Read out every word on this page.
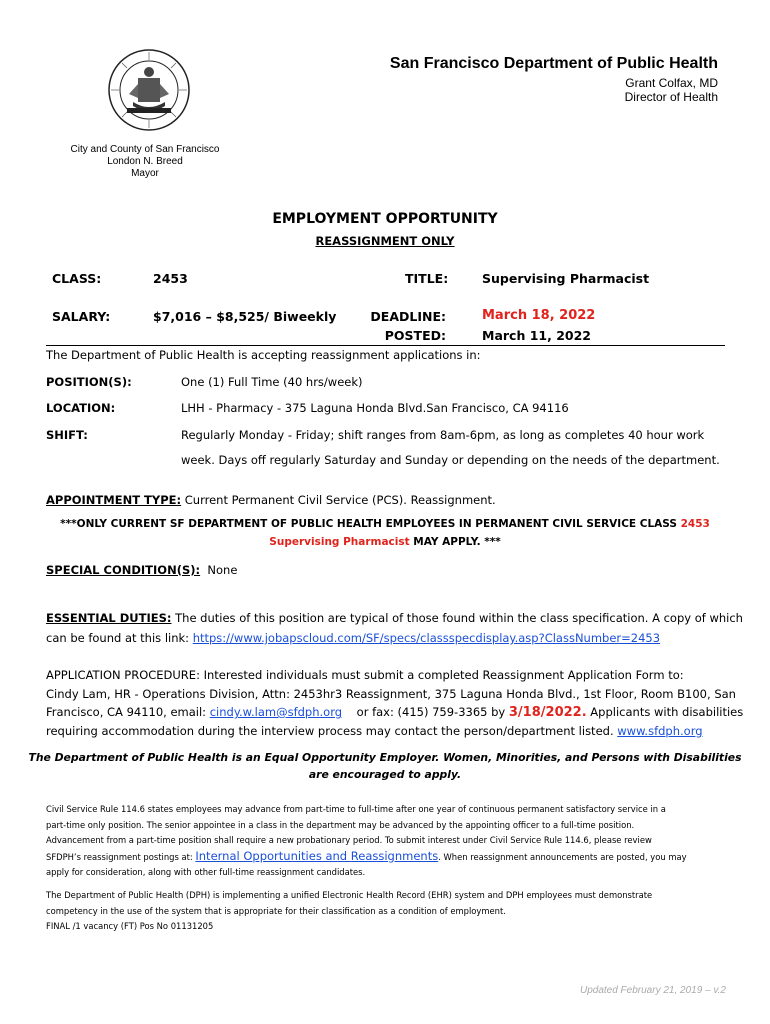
San Francisco Department of Public Health
Grant Colfax, MD
Director of Health
City and County of San Francisco
London N. Breed
Mayor
EMPLOYMENT OPPORTUNITY
REASSIGNMENT ONLY
CLASS:	2453	TITLE:	Supervising Pharmacist
SALARY:	$7,016 – $8,525/ Biweekly	DEADLINE:	March 18, 2022
POSTED:	March 11, 2022
The Department of Public Health is accepting reassignment applications in:
POSITION(S):	One (1) Full Time (40 hrs/week)
LOCATION:	LHH - Pharmacy - 375 Laguna Honda Blvd.San Francisco, CA 94116
SHIFT:	Regularly Monday - Friday; shift ranges from 8am-6pm, as long as completes 40 hour work
week. Days off regularly Saturday and Sunday or depending on the needs of the department.
APPOINTMENT TYPE: Current Permanent Civil Service (PCS). Reassignment.
***ONLY CURRENT SF DEPARTMENT OF PUBLIC HEALTH EMPLOYEES IN PERMANENT CIVIL SERVICE CLASS 2453
Supervising Pharmacist MAY APPLY. ***
SPECIAL CONDITION(S):  None
ESSENTIAL DUTIES: The duties of this position are typical of those found within the class specification. A copy of which
can be found at this link: https://www.jobapscloud.com/SF/specs/classspecdisplay.asp?ClassNumber=2453
APPLICATION PROCEDURE: Interested individuals must submit a completed Reassignment Application Form to:
Cindy Lam, HR - Operations Division, Attn: 2453hr3 Reassignment, 375 Laguna Honda Blvd., 1st Floor, Room B100, San
Francisco, CA 94110, email: cindy.w.lam@sfdph.org    or fax: (415) 759-3365 by 3/18/2022. Applicants with disabilities
requiring accommodation during the interview process may contact the person/department listed. www.sfdph.org
The Department of Public Health is an Equal Opportunity Employer. Women, Minorities, and Persons with Disabilities
are encouraged to apply.
Civil Service Rule 114.6 states employees may advance from part-time to full-time after one year of continuous permanent satisfactory service in a
part-time only position. The senior appointee in a class in the department may be advanced by the appointing officer to a full-time position.
Advancement from a part-time position shall require a new probationary period. To submit interest under Civil Service Rule 114.6, please review
SFDPH’s reassignment postings at: Internal Opportunities and Reassignments. When reassignment announcements are posted, you may
apply for consideration, along with other full-time reassignment candidates.
The Department of Public Health (DPH) is implementing a unified Electronic Health Record (EHR) system and DPH employees must demonstrate
competency in the use of the system that is appropriate for their classification as a condition of employment.
FINAL /1 vacancy (FT) Pos No 01131205
Updated February 21, 2019 – v.2
